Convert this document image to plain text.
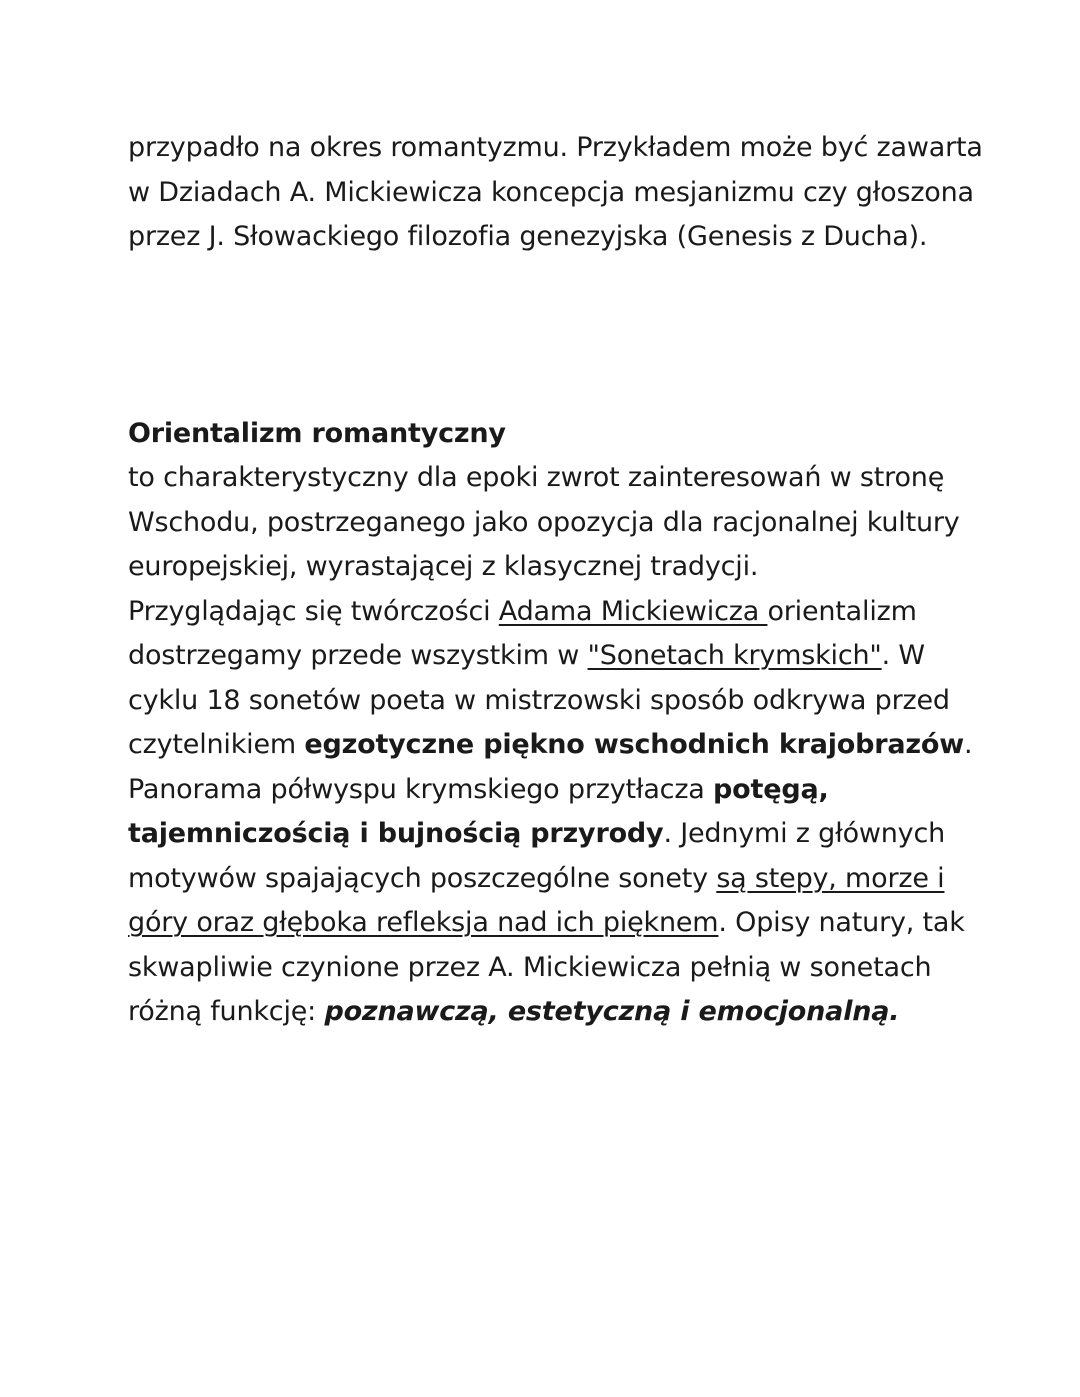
przypadło na okres romantyzmu. Przykładem może być zawarta
w Dziadach A. Mickiewicza koncepcja mesjanizmu czy głoszona
przez J. Słowackiego filozofia genezyjska (Genesis z Ducha).
Orientalizm romantyczny
to charakterystyczny dla epoki zwrot zainteresowań w stronę
Wschodu, postrzeganego jako opozycja dla racjonalnej kultury
europejskiej, wyrastającej z klasycznej tradycji.
Przyglądając się twórczości Adama Mickiewicza orientalizm
dostrzegamy przede wszystkim w "Sonetach krymskich". W
cyklu 18 sonetów poeta w mistrzowski sposób odkrywa przed
czytelnikiem egzotyczne piękno wschodnich krajobrazów.
Panorama półwyspu krymskiego przytłacza potęgą,
tajemniczością i bujnością przyrody. Jednymi z głównych
motywów spajających poszczególne sonety są stepy, morze i
góry oraz głęboka refleksja nad ich pięknem. Opisy natury, tak
skwapliwie czynione przez A. Mickiewicza pełnią w sonetach
różną funkcję: poznawczą, estetyczną i emocjonalną.
